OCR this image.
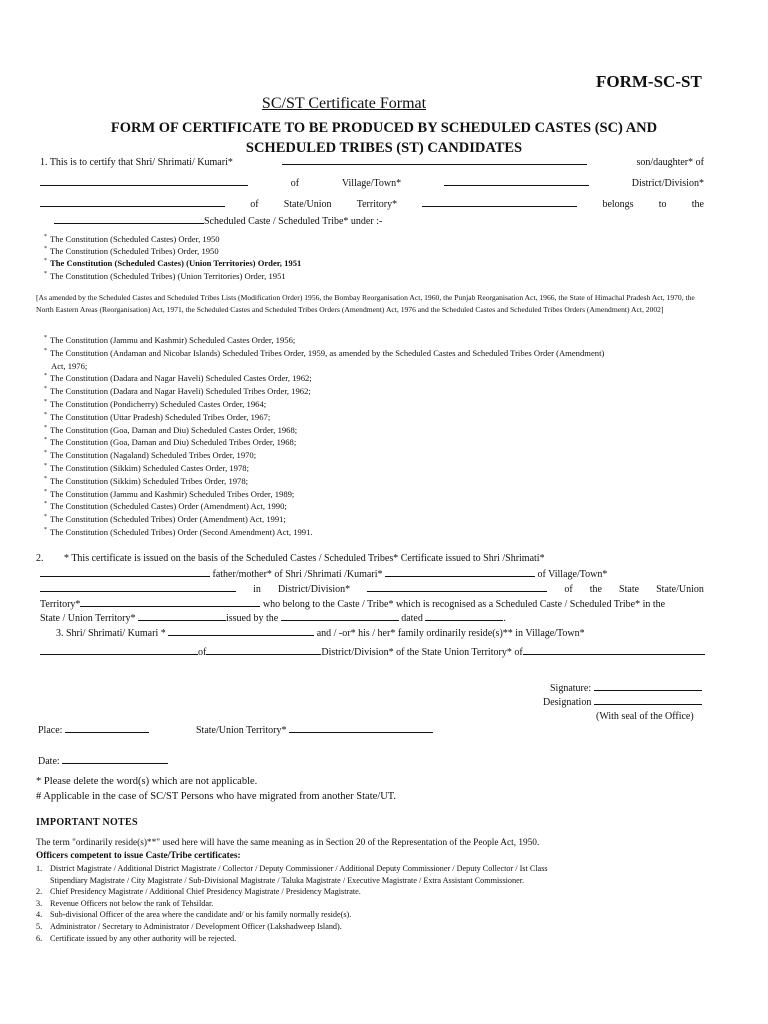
FORM-SC-ST
SC/ST Certificate Format
FORM OF CERTIFICATE TO BE PRODUCED BY SCHEDULED CASTES (SC) AND
SCHEDULED TRIBES (ST) CANDIDATES
1. This is to certify that Shri/ Shrimati/ Kumari*	son/daughter* of
of	Village/Town*	District/Division*
of	State/Union	Territory*	belongs	to	the
Scheduled Caste / Scheduled Tribe* under :-
* The Constitution (Scheduled Castes) Order, 1950
* The Constitution (Scheduled Tribes) Order, 1950
* The Constitution (Scheduled Castes) (Union Territories) Order, 1951
* The Constitution (Scheduled Tribes) (Union Territories) Order, 1951
[As amended by the Scheduled Castes and Scheduled Tribes Lists (Modification Order) 1956, the Bombay Reorganisation Act, 1960, the Punjab Reorganisation Act, 1966, the State of Himachal Pradesh Act, 1970, the North Eastern Areas (Reorganisation) Act, 1971, the Scheduled Castes and Scheduled Tribes Orders (Amendment) Act, 1976 and the Scheduled Castes and Scheduled Tribes Orders (Amendment) Act, 2002]
* The Constitution (Jammu and Kashmir) Scheduled Castes Order, 1956;
* The Constitution (Andaman and Nicobar Islands) Scheduled Tribes Order, 1959, as amended by the Scheduled Castes and Scheduled Tribes Order (Amendment)
Act, 1976;
* The Constitution (Dadara and Nagar Haveli) Scheduled Castes Order, 1962;
* The Constitution (Dadara and Nagar Haveli) Scheduled Tribes Order, 1962;
* The Constitution (Pondicherry) Scheduled Castes Order, 1964;
* The Constitution (Uttar Pradesh) Scheduled Tribes Order, 1967;
* The Constitution (Goa, Daman and Diu) Scheduled Castes Order, 1968;
* The Constitution (Goa, Daman and Diu) Scheduled Tribes Order, 1968;
* The Constitution (Nagaland) Scheduled Tribes Order, 1970;
* The Constitution (Sikkim) Scheduled Castes Order, 1978;
* The Constitution (Sikkim) Scheduled Tribes Order, 1978;
* The Constitution (Jammu and Kashmir) Scheduled Tribes Order, 1989;
* The Constitution (Scheduled Castes) Order (Amendment) Act, 1990;
* The Constitution (Scheduled Tribes) Order (Amendment) Act, 1991;
* The Constitution (Scheduled Tribes) Order (Second Amendment) Act, 1991.
2. * This certificate is issued on the basis of the Scheduled Castes / Scheduled Tribes* Certificate issued to Shri /Shrimati*
father/mother* of Shri /Shrimati /Kumari*	of Village/Town*
in District/Division*	of the State State/Union
Territory*	who belong to the Caste / Tribe* which is recognised as a Scheduled Caste / Scheduled Tribe* in the
State / Union Territory*	issued by the	dated	.
3. Shri/ Shrimati/ Kumari *	and / -or* his / her* family ordinarily reside(s)** in Village/Town*
of	District/Division* of the State Union Territory* of
Signature:
Designation
(With seal of the Office)
Place:	State/Union Territory*
Date:
* Please delete the word(s) which are not applicable.
# Applicable in the case of SC/ST Persons who have migrated from another State/UT.
IMPORTANT NOTES
The term "ordinarily reside(s)**" used here will have the same meaning as in Section 20 of the Representation of the People Act, 1950.
Officers competent to issue Caste/Tribe certificates:
1. District Magistrate / Additional District Magistrate / Collector / Deputy Commissioner / Additional Deputy Commissioner / Deputy Collector / Ist Class
Stipendiary Magistrate / City Magistrate / Sub-Divisional Magistrate / Taluka Magistrate / Executive Magistrate / Extra Assistant Commissioner.
2. Chief Presidency Magistrate / Additional Chief Presidency Magistrate / Presidency Magistrate.
3. Revenue Officers not below the rank of Tehsildar.
4. Sub-divisional Officer of the area where the candidate and/ or his family normally reside(s).
5. Administrator / Secretary to Administrator / Development Officer (Lakshadweep Island).
6. Certificate issued by any other authority will be rejected.
